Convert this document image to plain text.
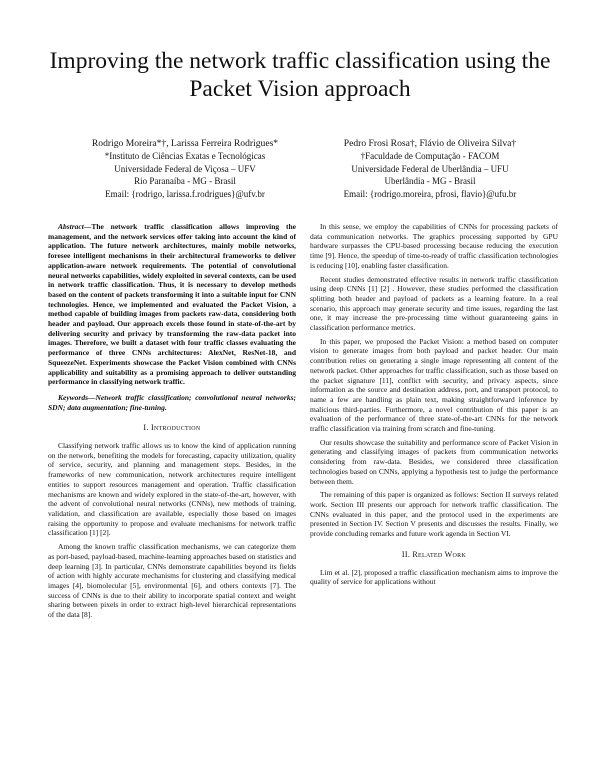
Improving the network traffic classification using the Packet Vision approach
Rodrigo Moreira*†, Larissa Ferreira Rodrigues*
*Instituto de Ciências Exatas e Tecnológicas
Universidade Federal de Viçosa – UFV
Rio Paranaíba - MG - Brasil
Email: {rodrigo, larissa.f.rodrigues}@ufv.br
Pedro Frosi Rosa†, Flávio de Oliveira Silva†
†Faculdade de Computação - FACOM
Universidade Federal de Uberlândia – UFU
Uberlândia - MG - Brasil
Email: {rodrigo.moreira, pfrosi, flavio}@ufu.br

Abstract—The network traffic classification allows improving the management, and the network services offer taking into account the kind of application. The future network architectures, mainly mobile networks, foresee intelligent mechanisms in their architectural frameworks to deliver application-aware network requirements. The potential of convolutional neural networks capabilities, widely exploited in several contexts, can be used in network traffic classification. Thus, it is necessary to develop methods based on the content of packets transforming it into a suitable input for CNN technologies. Hence, we implemented and evaluated the Packet Vision, a method capable of building images from packets raw-data, considering both header and payload. Our approach excels those found in state-of-the-art by delivering security and privacy by transforming the raw-data packet into images. Therefore, we built a dataset with four traffic classes evaluating the performance of three CNNs architectures: AlexNet, ResNet-18, and SqueezeNet. Experiments showcase the Packet Vision combined with CNNs applicability and suitability as a promising approach to deliver outstanding performance in classifying network traffic.

Keywords—Network traffic classification; convolutional neural networks; SDN; data augmentation; fine-tuning.

I. Introduction

Classifying network traffic allows us to know the kind of application running on the network, benefiting the models for forecasting, capacity utilization, quality of service, security, and planning and management steps. Besides, in the frameworks of new communication, network architectures require intelligent entities to support resources management and operation. Traffic classification mechanisms are known and widely explored in the state-of-the-art, however, with the advent of convolutional neural networks (CNNs), new methods of training, validation, and classification are available, especially those based on images raising the opportunity to propose and evaluate mechanisms for network traffic classification [1] [2].

Among the known traffic classification mechanisms, we can categorize them as port-based, payload-based, machine-learning approaches based on statistics and deep learning [3]. In particular, CNNs demonstrate capabilities beyond its fields of action with highly accurate mechanisms for clustering and classifying medical images [4], biomolecular [5], environmental [6], and others contexts [7]. The success of CNNs is due to their ability to incorporate spatial context and weight sharing between pixels in order to extract high-level hierarchical representations of the data [8].

In this sense, we employ the capabilities of CNNs for processing packets of data communication networks. The graphics processing supported by GPU hardware surpasses the CPU-based processing because reducing the execution time [9]. Hence, the speedup of time-to-ready of traffic classification technologies is reducing [10], enabling faster classification.

Recent studies demonstrated effective results in network traffic classification using deep CNNs [1] [2] . However, these studies performed the classification splitting both header and payload of packets as a learning feature. In a real scenario, this approach may generate security and time issues, regarding the last one, it may increase the pre-processing time without guaranteeing gains in classification performance metrics.

In this paper, we proposed the Packet Vision: a method based on computer vision to generate images from both payload and packet header. Our main contribution relies on generating a single image representing all content of the network packet. Other approaches for traffic classification, such as those based on the packet signature [11], conflict with security, and privacy aspects, since information as the source and destination address, port, and transport protocol, to name a few are handling as plain text, making straightforward inference by malicious third-parties. Furthermore, a novel contribution of this paper is an evaluation of the performance of three state-of-the-art CNNs for the network traffic classification via training from scratch and fine-tuning.

Our results showcase the suitability and performance score of Packet Vision in generating and classifying images of packets from communication networks considering from raw-data. Besides, we considered three classification technologies based on CNNs, applying a hypothesis test to judge the performance between them.

The remaining of this paper is organized as follows: Section II surveys related work. Section III presents our approach for network traffic classification. The CNNs evaluated in this paper, and the protocol used in the experiments are presented in Section IV. Section V presents and discusses the results. Finally, we provide concluding remarks and future work agenda in Section VI.

II. Related Work

Lim et al. [2], proposed a traffic classification mechanism aims to improve the quality of service for applications without
